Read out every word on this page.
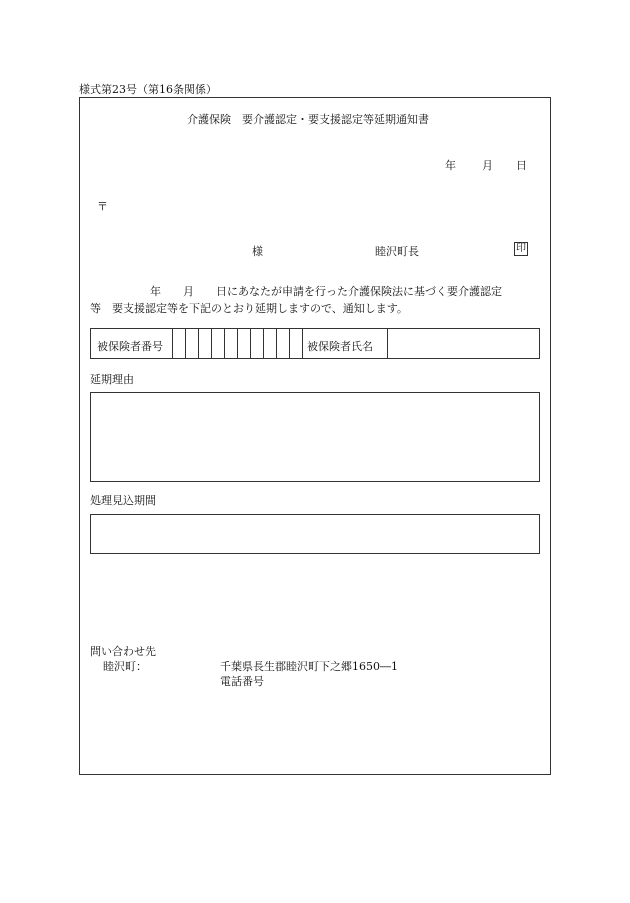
様式第23号（第16条関係）
介護保険　要介護認定・要支援認定等延期通知書
年 月 日
〒
様	睦沢町長	印
年　　月　　日にあなたが申請を行った介護保険法に基づく要介護認定
等　要支援認定等を下記のとおり延期しますので、通知します。
被保険者番号	被保険者氏名
延期理由
処理見込期間
問い合わせ先
睦沢町：	千葉県長生郡睦沢町下之郷1650―1
電話番号
